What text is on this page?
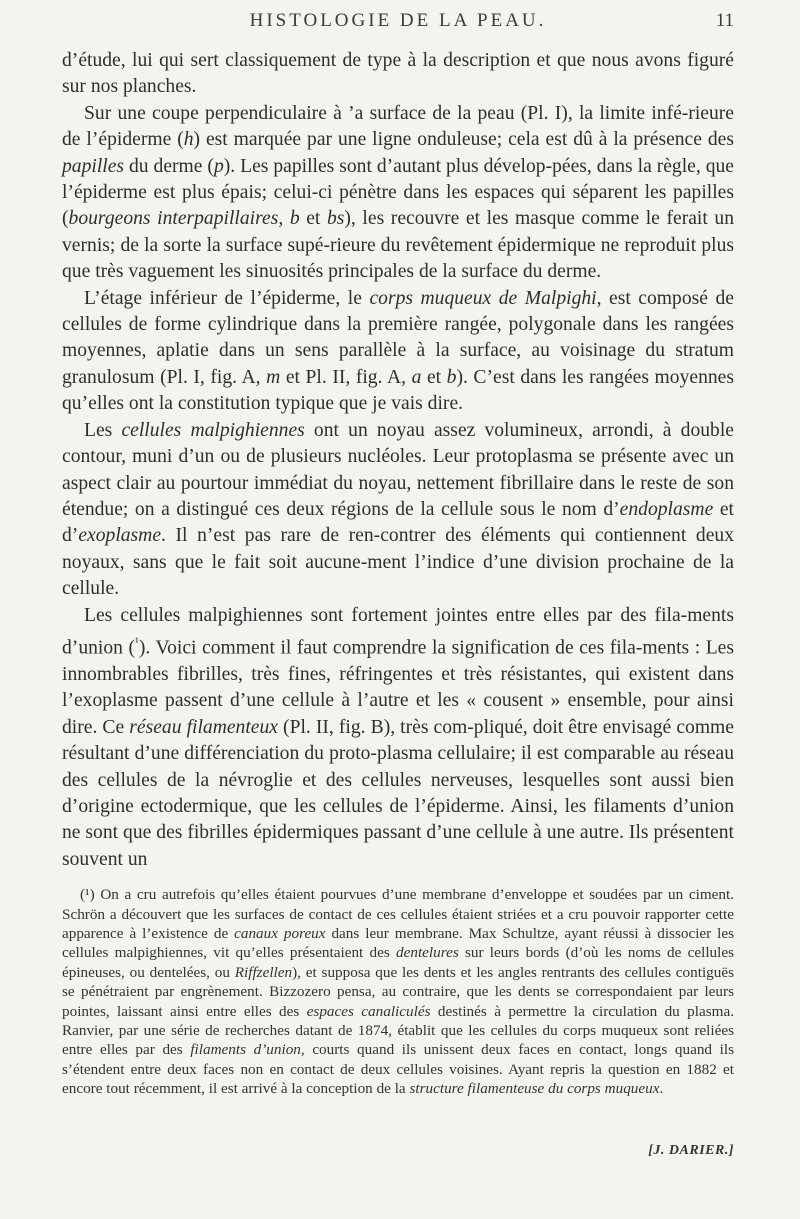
HISTOLOGIE DE LA PEAU.	11

d’étude, lui qui sert classiquement de type à la description et que nous avons figuré sur nos planches.

Sur une coupe perpendiculaire à ’a surface de la peau (Pl. I), la limite infé-rieure de l’épiderme (h) est marquée par une ligne onduleuse; cela est dû à la présence des papilles du derme (p). Les papilles sont d’autant plus dévelop-pées, dans la règle, que l’épiderme est plus épais; celui-ci pénètre dans les espaces qui séparent les papilles (bourgeons interpapillaires, b et bs), les recouvre et les masque comme le ferait un vernis; de la sorte la surface supé-rieure du revêtement épidermique ne reproduit plus que très vaguement les sinuosités principales de la surface du derme.

L’étage inférieur de l’épiderme, le corps muqueux de Malpighi, est composé de cellules de forme cylindrique dans la première rangée, polygonale dans les rangées moyennes, aplatie dans un sens parallèle à la surface, au voisinage du stratum granulosum (Pl. I, fig. A, m et Pl. II, fig. A, a et b). C’est dans les rangées moyennes qu’elles ont la constitution typique que je vais dire.

Les cellules malpighiennes ont un noyau assez volumineux, arrondi, à double contour, muni d’un ou de plusieurs nucléoles. Leur protoplasma se présente avec un aspect clair au pourtour immédiat du noyau, nettement fibrillaire dans le reste de son étendue; on a distingué ces deux régions de la cellule sous le nom d’endoplasme et d’exoplasme. Il n’est pas rare de ren-contrer des éléments qui contiennent deux noyaux, sans que le fait soit aucune-ment l’indice d’une division prochaine de la cellule.

Les cellules malpighiennes sont fortement jointes entre elles par des fila-ments d’union ($^{^1}$). Voici comment il faut comprendre la signification de ces fila-ments : Les innombrables fibrilles, très fines, réfringentes et très résistantes, qui existent dans l’exoplasme passent d’une cellule à l’autre et les « cousent » ensemble, pour ainsi dire. Ce réseau filamenteux (Pl. II, fig. B), très com-pliqué, doit être envisagé comme résultant d’une différenciation du proto-plasma cellulaire; il est comparable au réseau des cellules de la névroglie et des cellules nerveuses, lesquelles sont aussi bien d’origine ectodermique, que les cellules de l’épiderme. Ainsi, les filaments d’union ne sont que des fibrilles épidermiques passant d’une cellule à une autre. Ils présentent souvent un

(¹) On a cru autrefois qu’elles étaient pourvues d’une membrane d’enveloppe et soudées par un ciment. Schrön a découvert que les surfaces de contact de ces cellules étaient striées et a cru pouvoir rapporter cette apparence à l’existence de canaux poreux dans leur membrane. Max Schultze, ayant réussi à dissocier les cellules malpighiennes, vit qu’elles présentaient des dentelures sur leurs bords (d’où les noms de cellules épineuses, ou dentelées, ou Riffzellen), et supposa que les dents et les angles rentrants des cellules contiguës se pénétraient par engrènement. Bizzozero pensa, au contraire, que les dents se correspondaient par leurs pointes, laissant ainsi entre elles des espaces canaliculés destinés à permettre la circulation du plasma. Ranvier, par une série de recherches datant de 1874, établit que les cellules du corps muqueux sont reliées entre elles par des filaments d’union, courts quand ils unissent deux faces en contact, longs quand ils s’étendent entre deux faces non en contact de deux cellules voisines. Ayant repris la question en 1882 et encore tout récemment, il est arrivé à la conception de la structure filamenteuse du corps muqueux.

[J. DARIER.]
